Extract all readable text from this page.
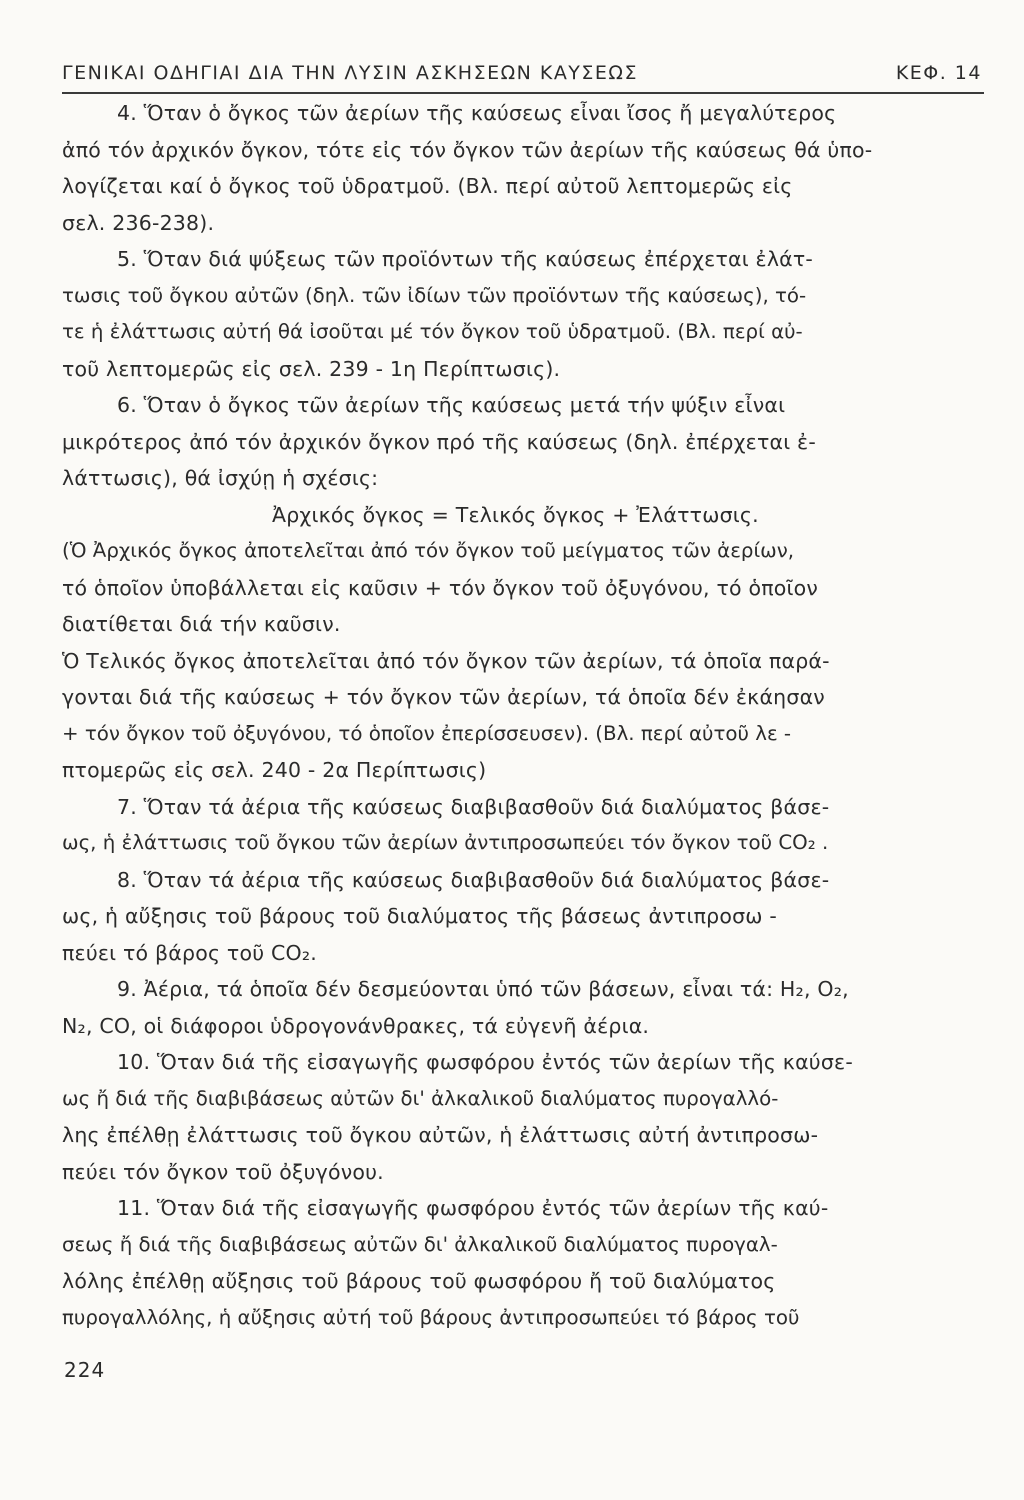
ΓΕΝΙΚΑΙ ΟΔΗΓΙΑΙ ΔΙΑ ΤΗΝ ΛΥΣΙΝ ΑΣΚΗΣΕΩΝ ΚΑΥΣΕΩΣ	ΚΕΦ. 14
4. Ὅταν ὁ ὄγκος τῶν ἀερίων τῆς καύσεως εἶναι ἴσος ἤ μεγαλύτερος
ἀπό τόν ἀρχικόν ὄγκον, τότε εἰς τόν ὄγκον τῶν ἀερίων τῆς καύσεως θά ὑπο-
λογίζεται καί ὁ ὄγκος τοῦ ὑδρατμοῦ. (Βλ. περί αὐτοῦ λεπτομερῶς εἰς
σελ. 236-238).
5. Ὅταν διά ψύξεως τῶν προϊόντων τῆς καύσεως ἐπέρχεται ἐλάτ-
τωσις τοῦ ὄγκου αὐτῶν (δηλ. τῶν ἰδίων τῶν προϊόντων τῆς καύσεως), τό-
τε ἡ ἐλάττωσις αὐτή θά ἰσοῦται μέ τόν ὄγκον τοῦ ὑδρατμοῦ. (Βλ. περί αὐ-
τοῦ λεπτομερῶς εἰς σελ. 239 - 1η Περίπτωσις).
6. Ὅταν ὁ ὄγκος τῶν ἀερίων τῆς καύσεως μετά τήν ψύξιν εἶναι
μικρότερος ἀπό τόν ἀρχικόν ὄγκον πρό τῆς καύσεως (δηλ. ἐπέρχεται ἐ-
λάττωσις), θά ἰσχύῃ ἡ σχέσις:
Ἀρχικός ὄγκος = Τελικός ὄγκος + Ἐλάττωσις.
(Ὁ Ἀρχικός ὄγκος ἀποτελεῖται ἀπό τόν ὄγκον τοῦ μείγματος τῶν ἀερίων,
τό ὁποῖον ὑποβάλλεται εἰς καῦσιν + τόν ὄγκον τοῦ ὀξυγόνου, τό ὁποῖον
διατίθεται διά τήν καῦσιν.
Ὁ Τελικός ὄγκος ἀποτελεῖται ἀπό τόν ὄγκον τῶν ἀερίων, τά ὁποῖα παρά-
γονται διά τῆς καύσεως + τόν ὄγκον τῶν ἀερίων, τά ὁποῖα δέν ἐκάησαν
+ τόν ὄγκον τοῦ ὀξυγόνου, τό ὁποῖον ἐπερίσσευσεν). (Βλ. περί αὐτοῦ λε -
πτομερῶς εἰς σελ. 240 - 2α Περίπτωσις)
7. Ὅταν τά ἀέρια τῆς καύσεως διαβιβασθοῦν διά διαλύματος βάσε-
ως, ἡ ἐλάττωσις τοῦ ὄγκου τῶν ἀερίων ἀντιπροσωπεύει τόν ὄγκον τοῦ CO₂ .
8. Ὅταν τά ἀέρια τῆς καύσεως διαβιβασθοῦν διά διαλύματος βάσε-
ως, ἡ αὔξησις τοῦ βάρους τοῦ διαλύματος τῆς βάσεως ἀντιπροσω -
πεύει τό βάρος τοῦ CO₂.
9. Ἀέρια, τά ὁποῖα δέν δεσμεύονται ὑπό τῶν βάσεων, εἶναι τά: H₂, O₂,
N₂, CO, οἱ διάφοροι ὑδρογονάνθρακες, τά εὐγενῆ ἀέρια.
10. Ὅταν διά τῆς εἰσαγωγῆς φωσφόρου ἐντός τῶν ἀερίων τῆς καύσε-
ως ἤ διά τῆς διαβιβάσεως αὐτῶν δι' ἀλκαλικοῦ διαλύματος πυρογαλλό-
λης ἐπέλθῃ ἐλάττωσις τοῦ ὄγκου αὐτῶν, ἡ ἐλάττωσις αὐτή ἀντιπροσω-
πεύει τόν ὄγκον τοῦ ὀξυγόνου.
11. Ὅταν διά τῆς εἰσαγωγῆς φωσφόρου ἐντός τῶν ἀερίων τῆς καύ-
σεως ἤ διά τῆς διαβιβάσεως αὐτῶν δι' ἀλκαλικοῦ διαλύματος πυρογαλ-
λόλης ἐπέλθῃ αὔξησις τοῦ βάρους τοῦ φωσφόρου ἤ τοῦ διαλύματος
πυρογαλλόλης, ἡ αὔξησις αὐτή τοῦ βάρους ἀντιπροσωπεύει τό βάρος τοῦ
224
